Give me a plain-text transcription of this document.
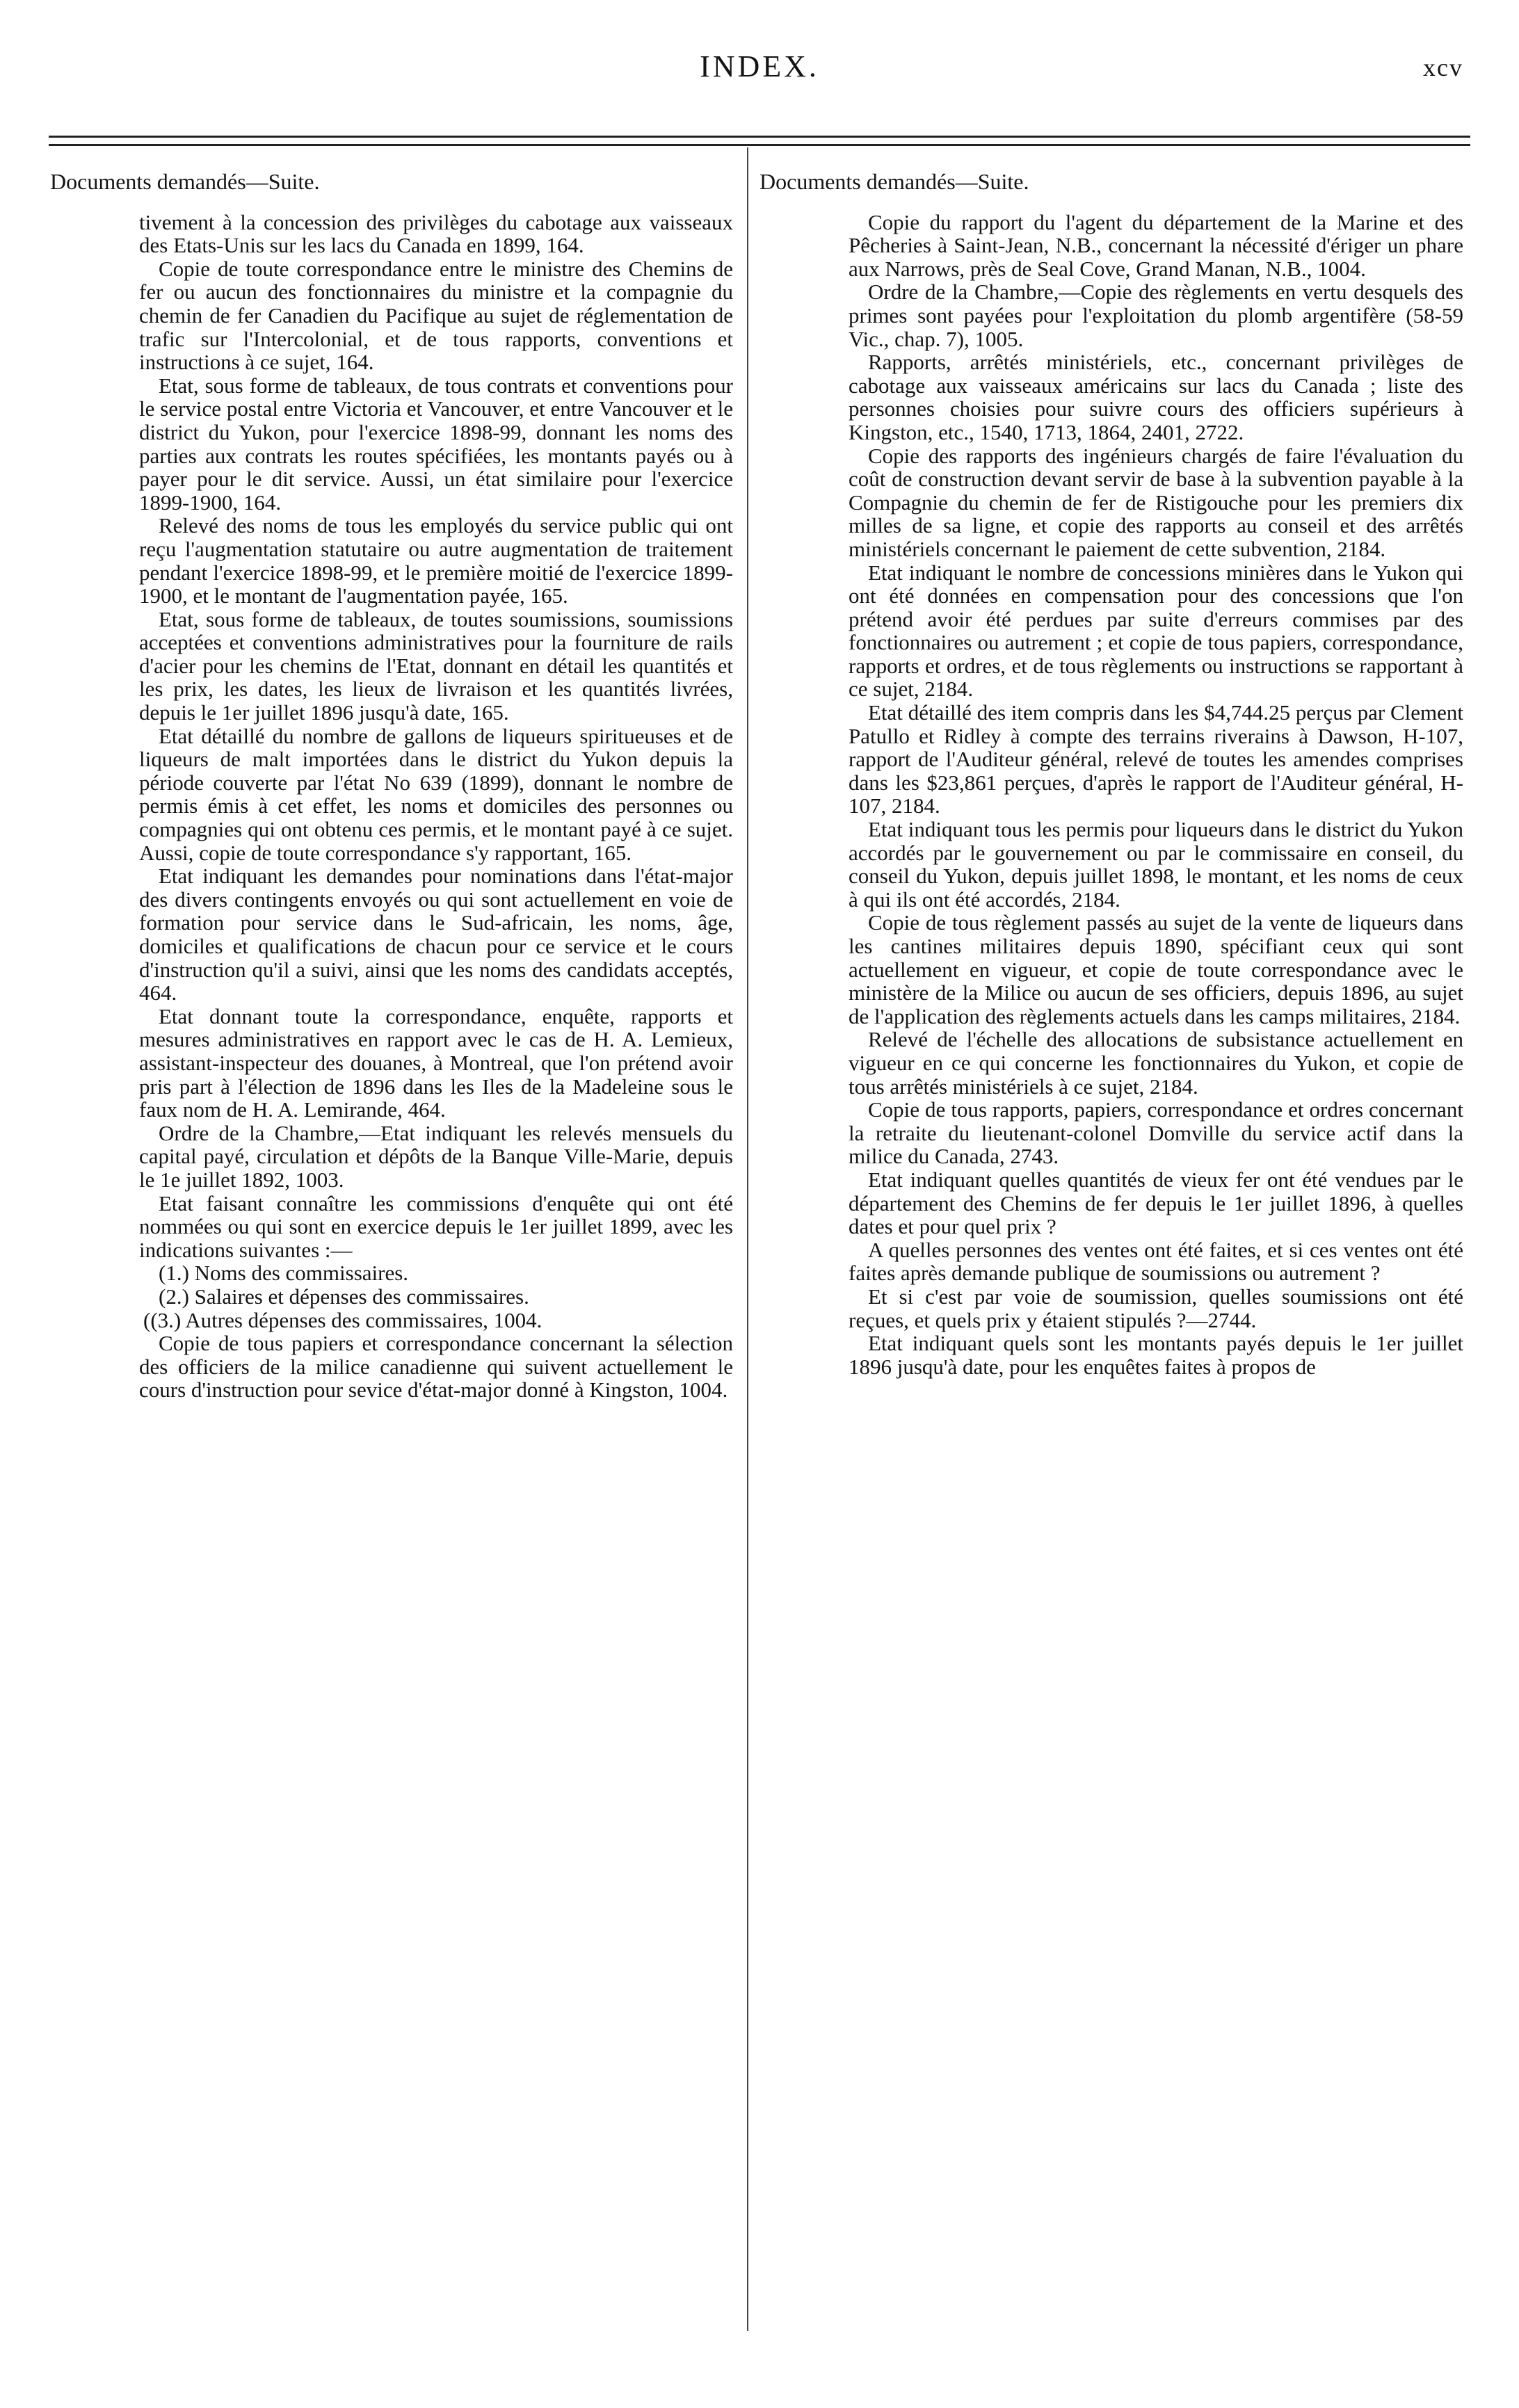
INDEX.	xcv

Documents demandés—Suite.

tivement à la concession des privilèges du cabotage aux vaisseaux des Etats-Unis sur les lacs du Canada en 1899, 164.

Copie de toute correspondance entre le ministre des Chemins de fer ou aucun des fonctionnaires du ministre et la compagnie du chemin de fer Canadien du Pacifique au sujet de réglementation de trafic sur l'Intercolonial, et de tous rapports, conventions et instructions à ce sujet, 164.

Etat, sous forme de tableaux, de tous contrats et conventions pour le service postal entre Victoria et Vancouver, et entre Vancouver et le district du Yukon, pour l'exercice 1898-99, donnant les noms des parties aux contrats les routes spécifiées, les montants payés ou à payer pour le dit service. Aussi, un état similaire pour l'exercice 1899-1900, 164.

Relevé des noms de tous les employés du service public qui ont reçu l'augmentation statutaire ou autre augmentation de traitement pendant l'exercice 1898-99, et le première moitié de l'exercice 1899-1900, et le montant de l'augmentation payée, 165.

Etat, sous forme de tableaux, de toutes soumissions, soumissions acceptées et conventions administratives pour la fourniture de rails d'acier pour les chemins de l'Etat, donnant en détail les quantités et les prix, les dates, les lieux de livraison et les quantités livrées, depuis le 1er juillet 1896 jusqu'à date, 165.

Etat détaillé du nombre de gallons de liqueurs spiritueuses et de liqueurs de malt importées dans le district du Yukon depuis la période couverte par l'état No 639 (1899), donnant le nombre de permis émis à cet effet, les noms et domiciles des personnes ou compagnies qui ont obtenu ces permis, et le montant payé à ce sujet. Aussi, copie de toute correspondance s'y rapportant, 165.

Etat indiquant les demandes pour nominations dans l'état-major des divers contingents envoyés ou qui sont actuellement en voie de formation pour service dans le Sud-africain, les noms, âge, domiciles et qualifications de chacun pour ce service et le cours d'instruction qu'il a suivi, ainsi que les noms des candidats acceptés, 464.

Etat donnant toute la correspondance, enquête, rapports et mesures administratives en rapport avec le cas de H. A. Lemieux, assistant-inspecteur des douanes, à Montreal, que l'on prétend avoir pris part à l'élection de 1896 dans les Iles de la Madeleine sous le faux nom de H. A. Lemirande, 464.

Ordre de la Chambre,—Etat indiquant les relevés mensuels du capital payé, circulation et dépôts de la Banque Ville-Marie, depuis le 1e juillet 1892, 1003.

Etat faisant connaître les commissions d'enquête qui ont été nommées ou qui sont en exercice depuis le 1er juillet 1899, avec les indications suivantes :—

(1.) Noms des commissaires.

(2.) Salaires et dépenses des commissaires.

((3.) Autres dépenses des commissaires, 1004.

Copie de tous papiers et correspondance concernant la sélection des officiers de la milice canadienne qui suivent actuellement le cours d'instruction pour sevice d'état-major donné à Kingston, 1004.

Documents demandés—Suite.

Copie du rapport du l'agent du département de la Marine et des Pêcheries à Saint-Jean, N.B., concernant la nécessité d'ériger un phare aux Narrows, près de Seal Cove, Grand Manan, N.B., 1004.

Ordre de la Chambre,—Copie des règlements en vertu desquels des primes sont payées pour l'exploitation du plomb argentifère (58-59 Vic., chap. 7), 1005.

Rapports, arrêtés ministériels, etc., concernant privilèges de cabotage aux vaisseaux américains sur lacs du Canada ; liste des personnes choisies pour suivre cours des officiers supérieurs à Kingston, etc., 1540, 1713, 1864, 2401, 2722.

Copie des rapports des ingénieurs chargés de faire l'évaluation du coût de construction devant servir de base à la subvention payable à la Compagnie du chemin de fer de Ristigouche pour les premiers dix milles de sa ligne, et copie des rapports au conseil et des arrêtés ministériels concernant le paiement de cette subvention, 2184.

Etat indiquant le nombre de concessions minières dans le Yukon qui ont été données en compensation pour des concessions que l'on prétend avoir été perdues par suite d'erreurs commises par des fonctionnaires ou autrement ; et copie de tous papiers, correspondance, rapports et ordres, et de tous règlements ou instructions se rapportant à ce sujet, 2184.

Etat détaillé des item compris dans les $4,744.25 perçus par Clement Patullo et Ridley à compte des terrains riverains à Dawson, H-107, rapport de l'Auditeur général, relevé de toutes les amendes comprises dans les $23,861 perçues, d'après le rapport de l'Auditeur général, H-107, 2184.

Etat indiquant tous les permis pour liqueurs dans le district du Yukon accordés par le gouvernement ou par le commissaire en conseil, du conseil du Yukon, depuis juillet 1898, le montant, et les noms de ceux à qui ils ont été accordés, 2184.

Copie de tous règlement passés au sujet de la vente de liqueurs dans les cantines militaires depuis 1890, spécifiant ceux qui sont actuellement en vigueur, et copie de toute correspondance avec le ministère de la Milice ou aucun de ses officiers, depuis 1896, au sujet de l'application des règlements actuels dans les camps militaires, 2184.

Relevé de l'échelle des allocations de subsistance actuellement en vigueur en ce qui concerne les fonctionnaires du Yukon, et copie de tous arrêtés ministériels à ce sujet, 2184.

Copie de tous rapports, papiers, correspondance et ordres concernant la retraite du lieutenant-colonel Domville du service actif dans la milice du Canada, 2743.

Etat indiquant quelles quantités de vieux fer ont été vendues par le département des Chemins de fer depuis le 1er juillet 1896, à quelles dates et pour quel prix ?

A quelles personnes des ventes ont été faites, et si ces ventes ont été faites après demande publique de soumissions ou autrement ?

Et si c'est par voie de soumission, quelles soumissions ont été reçues, et quels prix y étaient stipulés ?—2744.

Etat indiquant quels sont les montants payés depuis le 1er juillet 1896 jusqu'à date, pour les enquêtes faites à propos de
